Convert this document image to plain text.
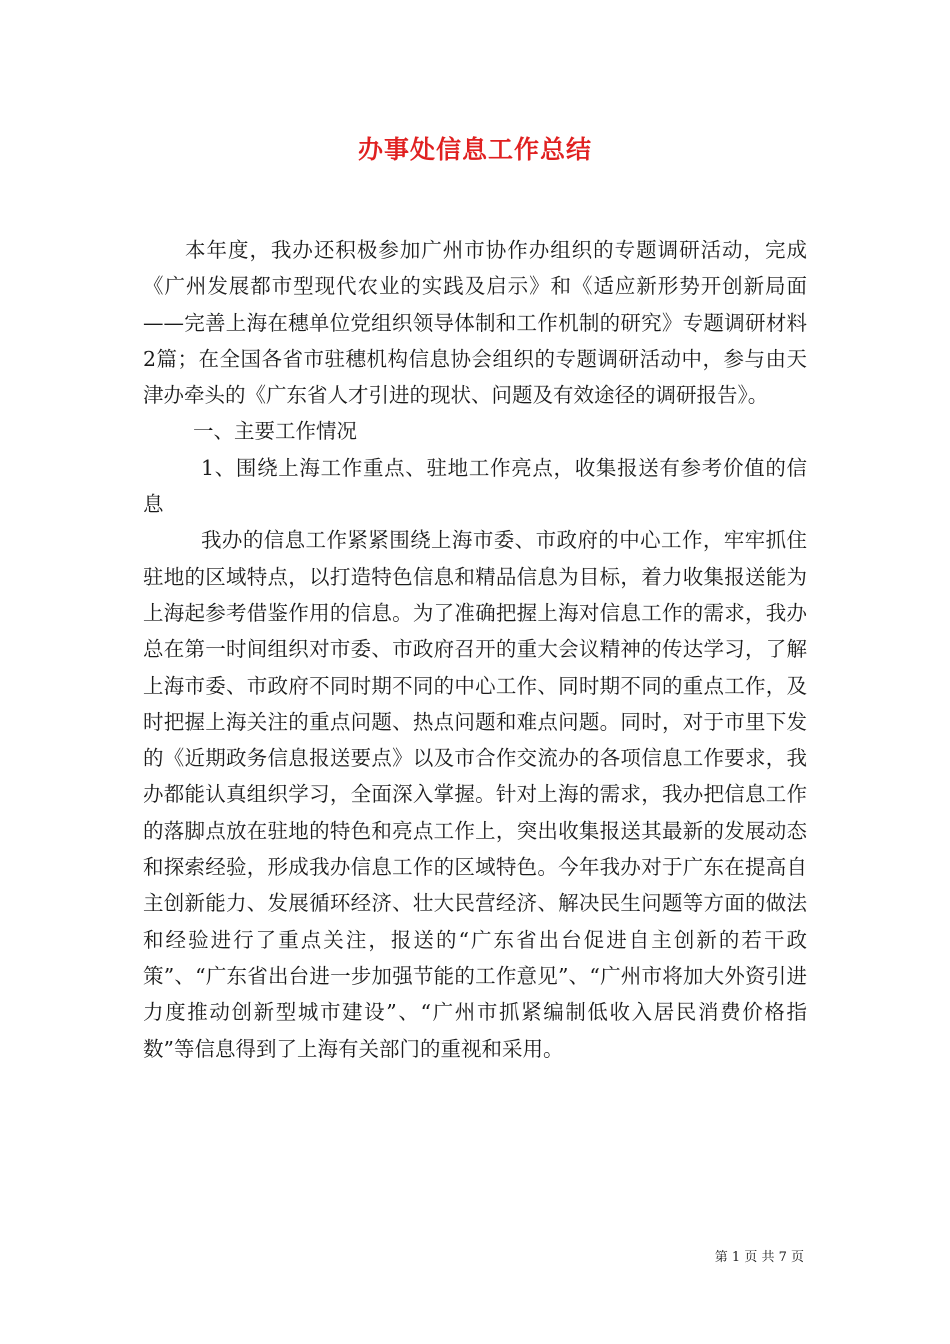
办事处信息工作总结

本年度，我办还积极参加广州市协作办组织的专题调研活动，完成《广州发展都市型现代农业的实践及启示》和《适应新形势开创新局面——完善上海在穗单位党组织领导体制和工作机制的研究》专题调研材料2篇；在全国各省市驻穗机构信息协会组织的专题调研活动中，参与由天津办牵头的《广东省人才引进的现状、问题及有效途径的调研报告》。

一、主要工作情况

1、围绕上海工作重点、驻地工作亮点，收集报送有参考价值的信息

我办的信息工作紧紧围绕上海市委、市政府的中心工作，牢牢抓住驻地的区域特点，以打造特色信息和精品信息为目标，着力收集报送能为上海起参考借鉴作用的信息。为了准确把握上海对信息工作的需求，我办总在第一时间组织对市委、市政府召开的重大会议精神的传达学习，了解上海市委、市政府不同时期不同的中心工作、同时期不同的重点工作，及时把握上海关注的重点问题、热点问题和难点问题。同时，对于市里下发的《近期政务信息报送要点》以及市合作交流办的各项信息工作要求，我办都能认真组织学习，全面深入掌握。针对上海的需求，我办把信息工作的落脚点放在驻地的特色和亮点工作上，突出收集报送其最新的发展动态和探索经验，形成我办信息工作的区域特色。今年我办对于广东在提高自主创新能力、发展循环经济、壮大民营经济、解决民生问题等方面的做法和经验进行了重点关注，报送的“广东省出台促进自主创新的若干政策”、“广东省出台进一步加强节能的工作意见”、“广州市将加大外资引进力度推动创新型城市建设”、“广州市抓紧编制低收入居民消费价格指数”等信息得到了上海有关部门的重视和采用。

第 1 页 共 7 页
